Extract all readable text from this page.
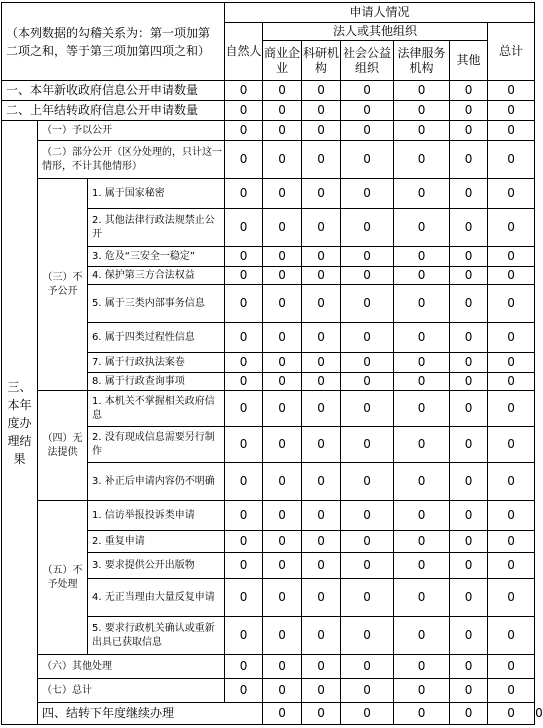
（本列数据的勾稽关系为：第一项加第二项之和，等于第三项加第四项之和）			申请人情况							
			自然人	法人或其他组织					总计	
				商业企业	科研机构	社会公益组织	法律服务机构	其他		
一、本年新收政府信息公开申请数量			0	0	0	0	0	0	0	
二、上年结转政府信息公开申请数量			0	0	0	0	0	0	0	
三、本年度办理结果	（一）予以公开		0	0	0	0	0	0	0	
	（二）部分公开（区分处理的，只计这一情形，不计其他情形）		0	0	0	0	0	0	0	
	（三）不予公开	1. 属于国家秘密	0	0	0	0	0	0	0	
		2. 其他法律行政法规禁止公开	0	0	0	0	0	0	0	
		3. 危及“三安全一稳定”	0	0	0	0	0	0	0	
		4. 保护第三方合法权益	0	0	0	0	0	0	0	
		5. 属于三类内部事务信息	0	0	0	0	0	0	0	
		6. 属于四类过程性信息	0	0	0	0	0	0	0	
		7. 属于行政执法案卷	0	0	0	0	0	0	0	
		8. 属于行政查询事项	0	0	0	0	0	0	0	
	（四）无法提供	1. 本机关不掌握相关政府信息	0	0	0	0	0	0	0	
		2. 没有现成信息需要另行制作	0	0	0	0	0	0	0	
		3. 补正后申请内容仍不明确	0	0	0	0	0	0	0	
	（五）不予处理	1. 信访举报投诉类申请	0	0	0	0	0	0	0	
		2. 重复申请	0	0	0	0	0	0	0	
		3. 要求提供公开出版物	0	0	0	0	0	0	0	
		4. 无正当理由大量反复申请	0	0	0	0	0	0	0	
		5. 要求行政机关确认或重新出具已获取信息	0	0	0	0	0	0	0	
	（六）其他处理		0	0	0	0	0	0	0	
	（七）总计		0	0	0	0	0	0	0	
	四、结转下年度继续办理			0	0	0	0	0	0	0
